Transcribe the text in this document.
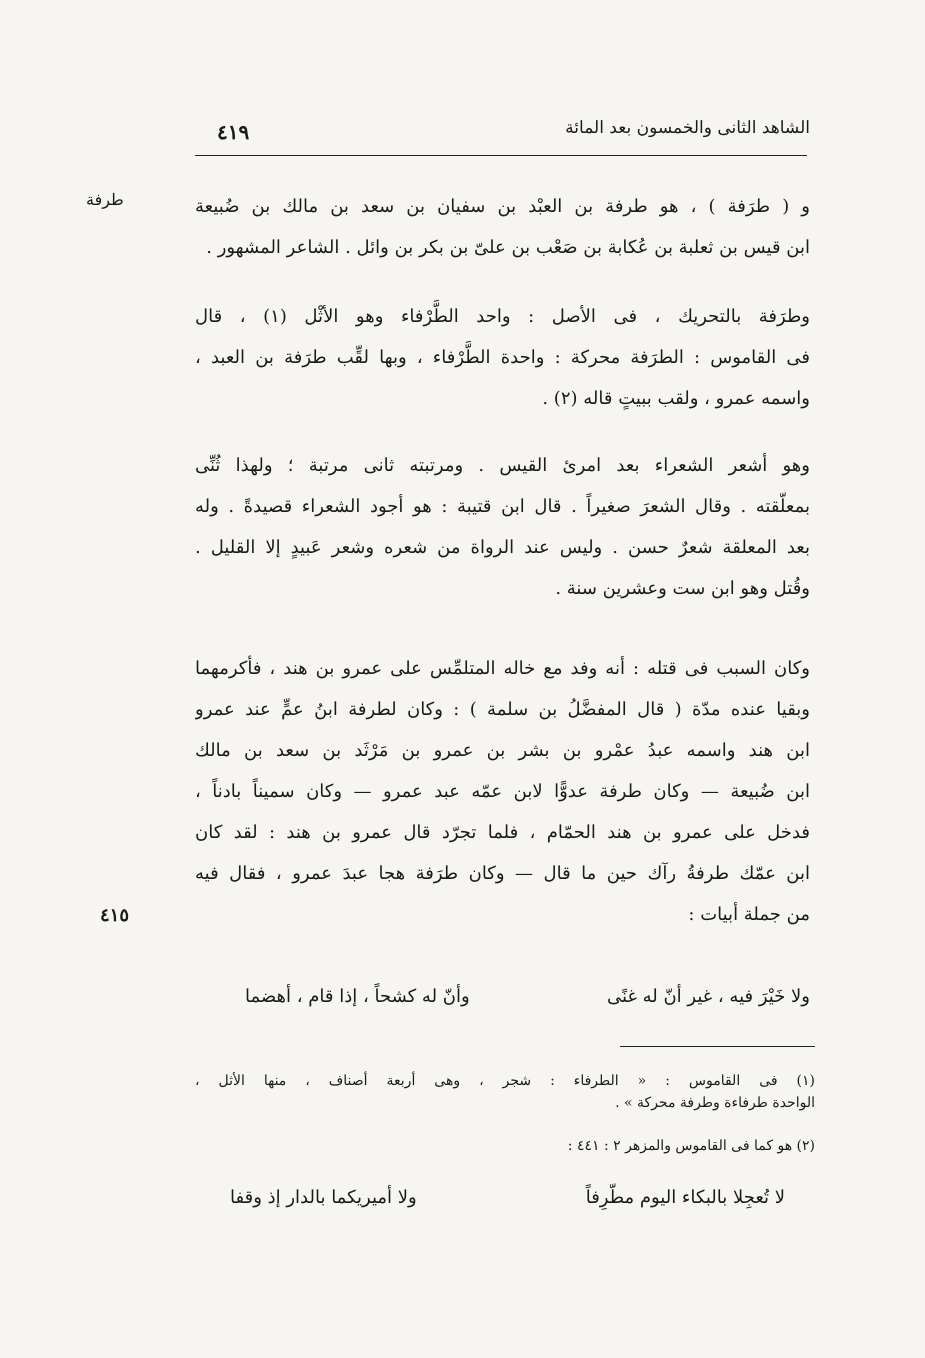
الشاهد الثانى والخمسون بعد المائة
٤١٩
طرفة
٤١٥
و ( طرَفة ) ، هو طرفة بن العبْد بن سفيان بن سعد بن مالك بن ضُبيعة
ابن قيس بن ثعلبة بن عُكابة بن صَعْب بن علىّ بن بكر بن وائل . الشاعر المشهور .
وطرَفة بالتحريك ، فى الأصل : واحد الطَّرْفاء وهو الأثْل (١) ، قال
فى القاموس : الطرَفة محركة : واحدة الطَّرْفاء ، وبها لقِّب طرَفة بن العبد ،
واسمه عمرو ، ولقب ببيتٍ قاله (٢) .
وهو أشعر الشعراء بعد امرئ القيس . ومرتبته ثانى مرتبة ؛ ولهذا ثُنِّى
بمعلّقته . وقال الشعرَ صغيراً . قال ابن قتيبة : هو أجود الشعراء قصيدةً . وله
بعد المعلقة شعرٌ حسن . وليس عند الرواة من شعره وشعر عَبيدٍ إلا القليل .
وقُتل وهو ابن ست وعشرين سنة .
وكان السبب فى قتله : أنه وفد مع خاله المتلمِّس على عمرو بن هند ، فأكرمهما
وبقيا عنده مدّة ( قال المفضَّلُ بن سلمة ) : وكان لطرفة ابنُ عمٍّ عند عمرو
ابن هند واسمه عبدُ عمْرو بن بشر بن عمرو بن مَرْثَد بن سعد بن مالك
ابن ضُبيعة — وكان طرفة عدوًّا لابن عمّه عبد عمرو — وكان سميناً بادناً ،
فدخل على عمرو بن هند الحمّام ، فلما تجرّد قال عمرو بن هند : لقد كان
ابن عمّك طرفةُ رآك حين ما قال — وكان طرَفة هجا عبدَ عمرو ، فقال فيه
من جملة أبيات :
ولا خَيْرَ فيه ، غير أنّ له غنًى
وأنّ له كشحاً ، إذا قام ، أهضما
(١) فى القاموس : « الطرفاء : شجر ، وهى أربعة أصناف ، منها الأثل ،
الواحدة طرفاءة وطرفة محركة » .
(٢) هو كما فى القاموس والمزهر ٢ : ٤٤١ :
لا تُعجِلا بالبكاء اليوم مطّرِفاً
ولا أميريكما بالدار إذ وقفا
